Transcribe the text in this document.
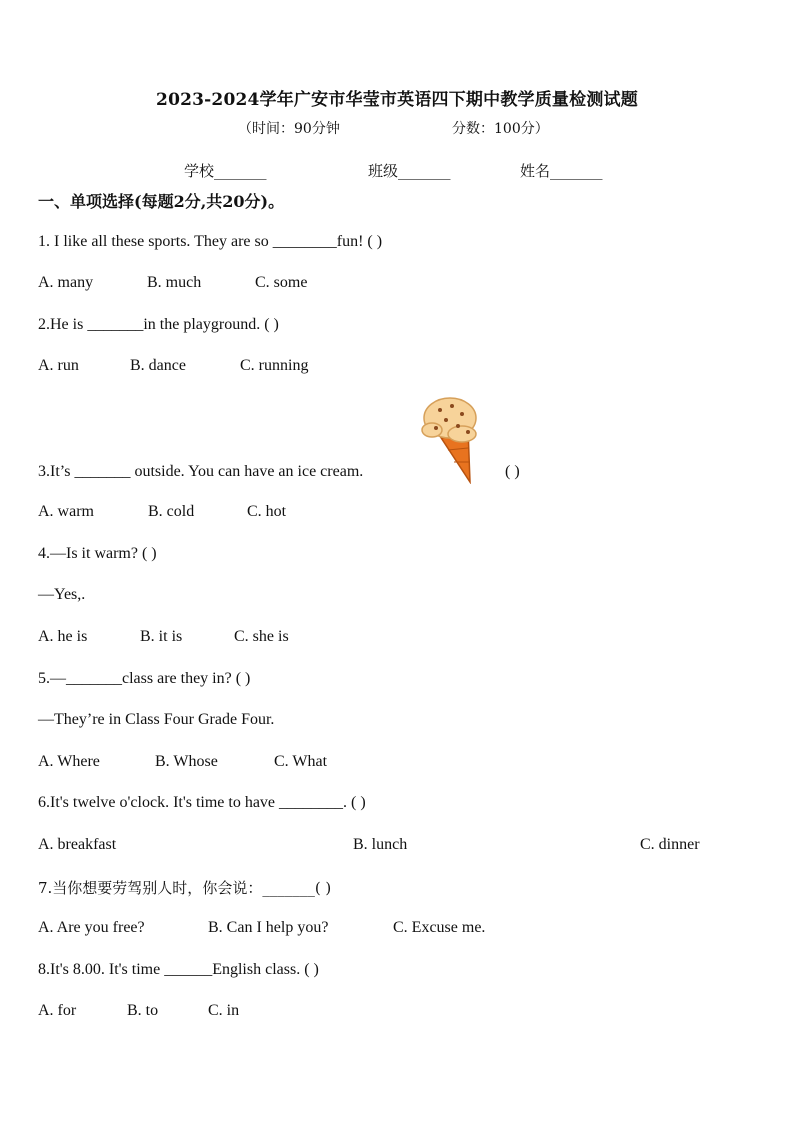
2023-2024学年广安市华莹市英语四下期中教学质量检测试题
（时间：90分钟	分数：100分）
学校_______	班级_______	姓名_______
一、单项选择(每题2分,共20分)。
1. I like all these sports. They are so ________fun! ( )
A. many	B. much	C. some
2.He is _______in the playground. ( )
A. run	B. dance	C. running
3.It’s _______ outside. You can have an ice cream.	( )
A. warm	B. cold	C. hot
4.—Is it warm? ( )
—Yes,.
A. he is	B. it is	C. she is
5.—_______class are they in? ( )
—They’re in Class Four Grade Four.
A. Where	B. Whose	C. What
6.It's twelve o'clock. It's time to have ________. ( )
A. breakfast	B. lunch	C. dinner
7.当你想要劳驾别人时，你会说：_______( )
A. Are you free?	B. Can I help you?	C. Excuse me.
8.It's 8.00. It's time ______English class. ( )
A. for	B. to	C. in
